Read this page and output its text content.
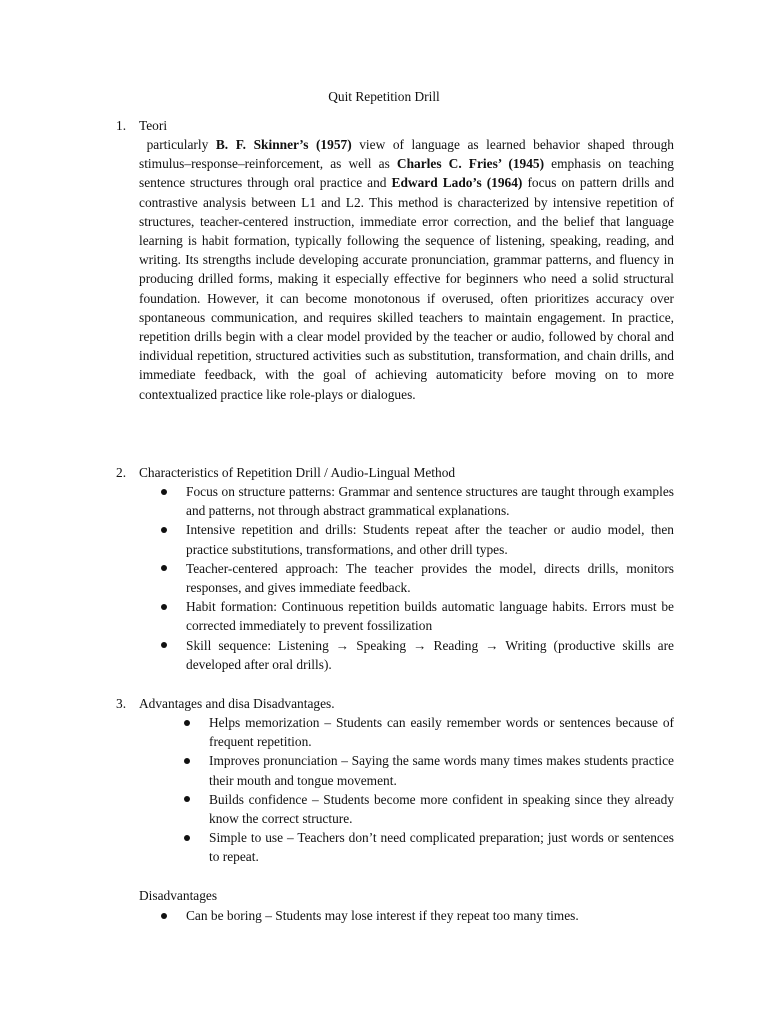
Quit Repetition Drill
1. Teori
particularly B. F. Skinner’s (1957) view of language as learned behavior shaped through stimulus–response–reinforcement, as well as Charles C. Fries’ (1945) emphasis on teaching sentence structures through oral practice and Edward Lado’s (1964) focus on pattern drills and contrastive analysis between L1 and L2. This method is characterized by intensive repetition of structures, teacher-centered instruction, immediate error correction, and the belief that language learning is habit formation, typically following the sequence of listening, speaking, reading, and writing. Its strengths include developing accurate pronunciation, grammar patterns, and fluency in producing drilled forms, making it especially effective for beginners who need a solid structural foundation. However, it can become monotonous if overused, often prioritizes accuracy over spontaneous communication, and requires skilled teachers to maintain engagement. In practice, repetition drills begin with a clear model provided by the teacher or audio, followed by choral and individual repetition, structured activities such as substitution, transformation, and chain drills, and immediate feedback, with the goal of achieving automaticity before moving on to more contextualized practice like role-plays or dialogues.
2. Characteristics of Repetition Drill / Audio-Lingual Method
Focus on structure patterns: Grammar and sentence structures are taught through examples and patterns, not through abstract grammatical explanations.
Intensive repetition and drills: Students repeat after the teacher or audio model, then practice substitutions, transformations, and other drill types.
Teacher-centered approach: The teacher provides the model, directs drills, monitors responses, and gives immediate feedback.
Habit formation: Continuous repetition builds automatic language habits. Errors must be corrected immediately to prevent fossilization
Skill sequence: Listening → Speaking → Reading → Writing (productive skills are developed after oral drills).
3. Advantages and disa Disadvantages.
Helps memorization – Students can easily remember words or sentences because of frequent repetition.
Improves pronunciation – Saying the same words many times makes students practice their mouth and tongue movement.
Builds confidence – Students become more confident in speaking since they already know the correct structure.
Simple to use – Teachers don’t need complicated preparation; just words or sentences to repeat.
Disadvantages
Can be boring – Students may lose interest if they repeat too many times.
